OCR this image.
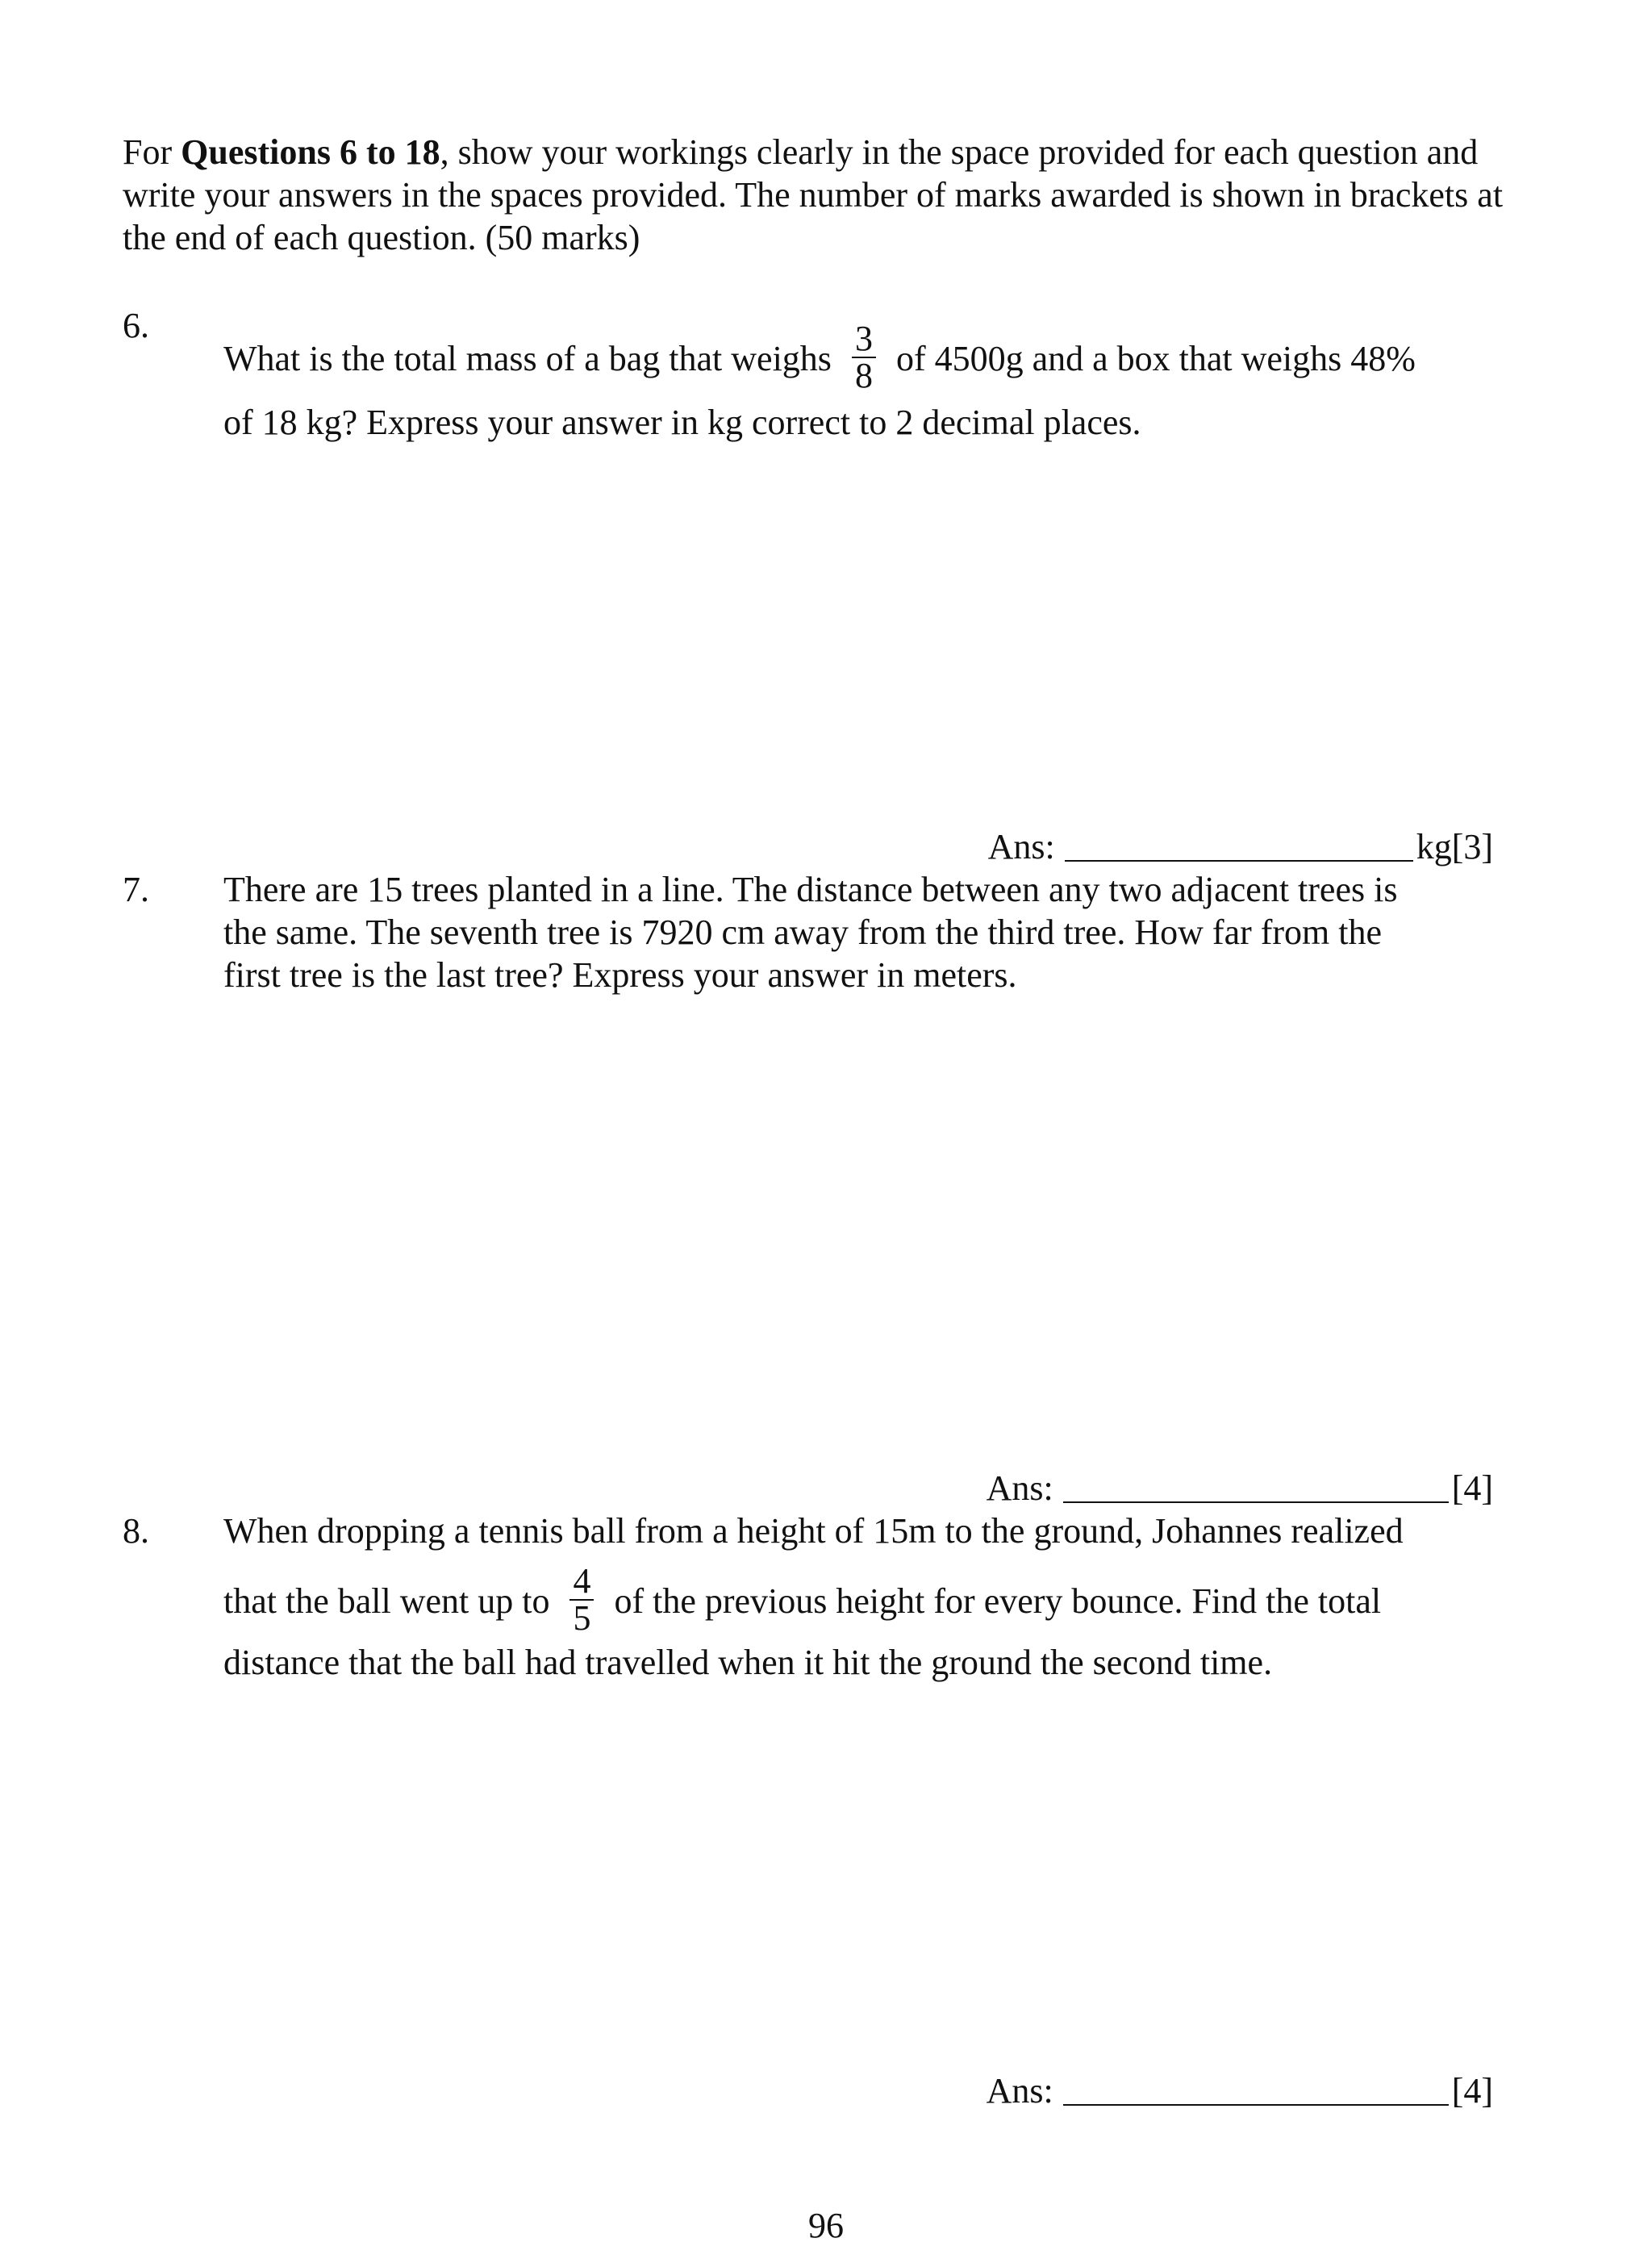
For Questions 6 to 18, show your workings clearly in the space provided for each question and write your answers in the spaces provided. The number of marks awarded is shown in brackets at the end of each question. (50 marks)
6.
What is the total mass of a bag that weighs $\frac{3}{8}$ of 4500g and a box that weighs 48%
of 18 kg? Express your answer in kg correct to 2 decimal places.
Ans:	kg[3]
7. There are 15 trees planted in a line. The distance between any two adjacent trees is
the same. The seventh tree is 7920 cm away from the third tree. How far from the
first tree is the last tree? Express your answer in meters.
Ans:	[4]
8. When dropping a tennis ball from a height of 15m to the ground, Johannes realized
that the ball went up to $\frac{4}{5}$ of the previous height for every bounce. Find the total
distance that the ball had travelled when it hit the ground the second time.
Ans:	[4]
96
